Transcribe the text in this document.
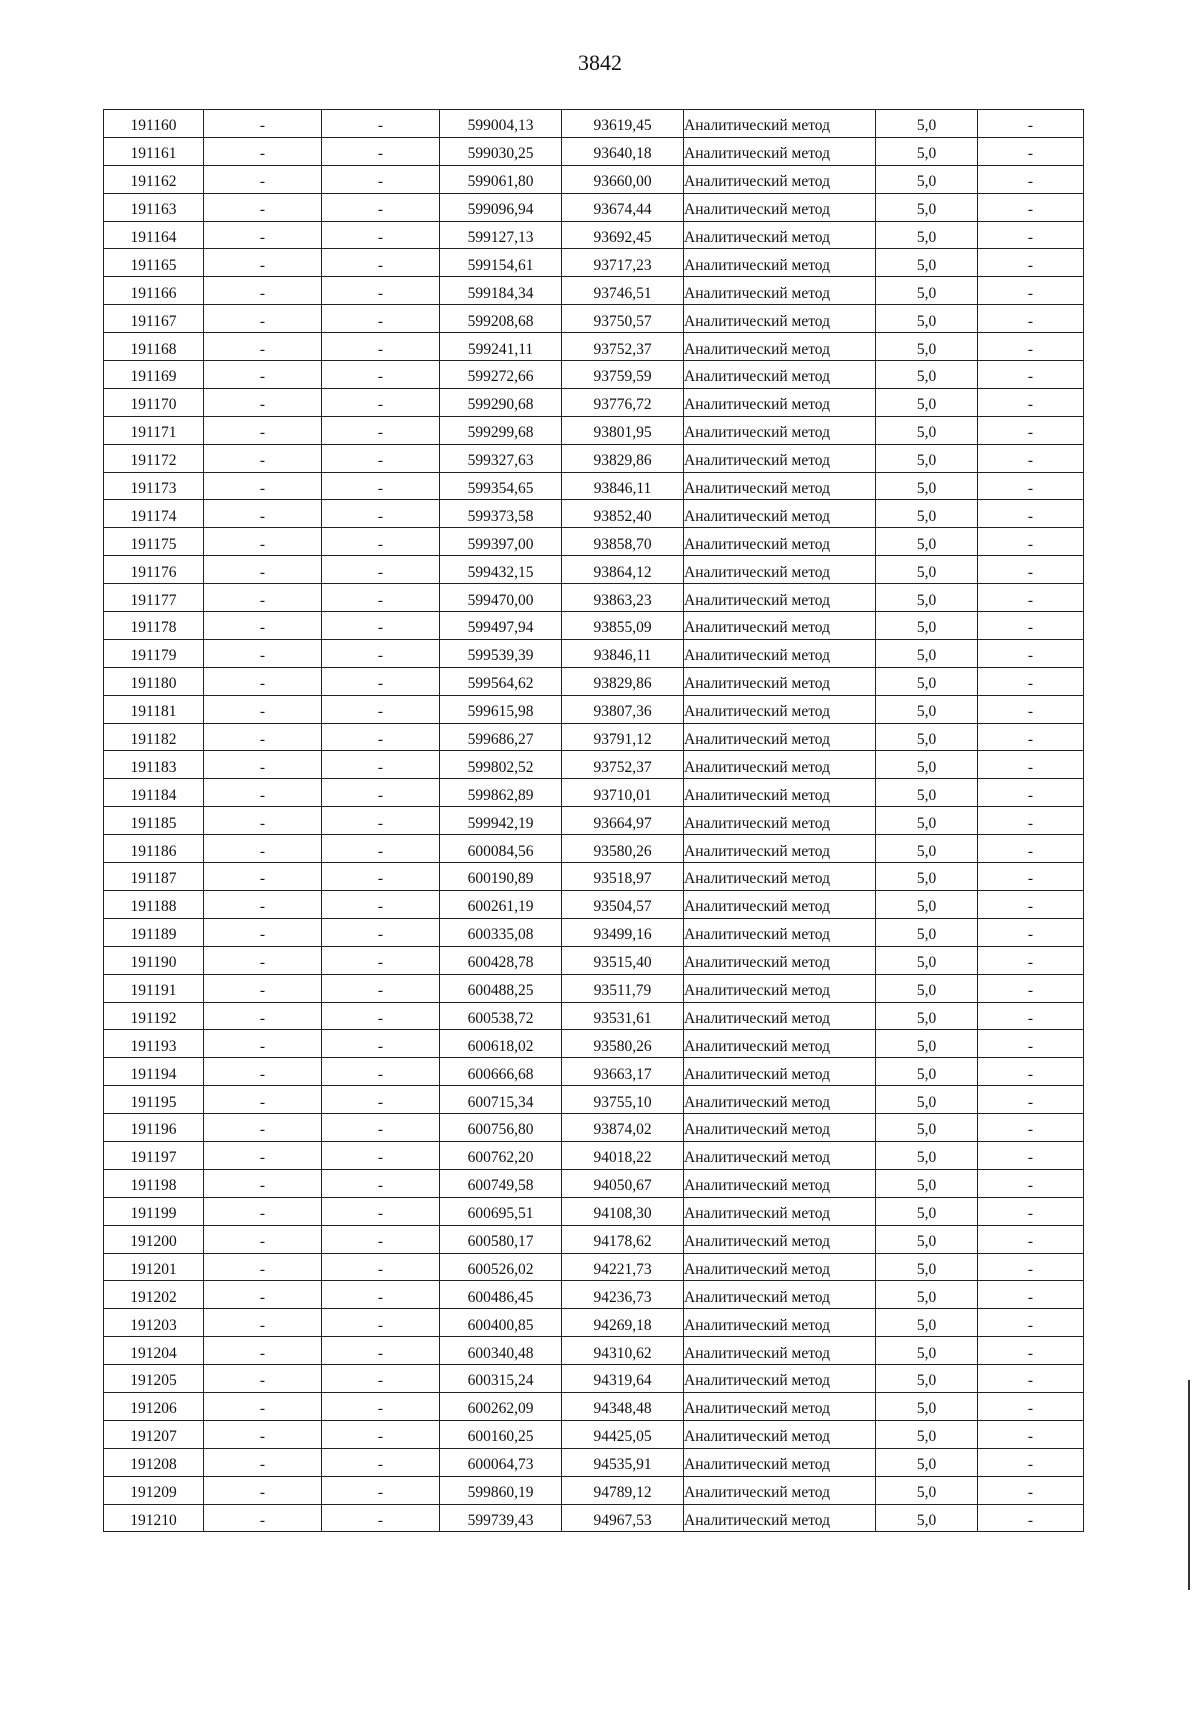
3842
191160	-	-	599004,13	93619,45	Аналитический метод	5,0	-
191161	-	-	599030,25	93640,18	Аналитический метод	5,0	-
191162	-	-	599061,80	93660,00	Аналитический метод	5,0	-
191163	-	-	599096,94	93674,44	Аналитический метод	5,0	-
191164	-	-	599127,13	93692,45	Аналитический метод	5,0	-
191165	-	-	599154,61	93717,23	Аналитический метод	5,0	-
191166	-	-	599184,34	93746,51	Аналитический метод	5,0	-
191167	-	-	599208,68	93750,57	Аналитический метод	5,0	-
191168	-	-	599241,11	93752,37	Аналитический метод	5,0	-
191169	-	-	599272,66	93759,59	Аналитический метод	5,0	-
191170	-	-	599290,68	93776,72	Аналитический метод	5,0	-
191171	-	-	599299,68	93801,95	Аналитический метод	5,0	-
191172	-	-	599327,63	93829,86	Аналитический метод	5,0	-
191173	-	-	599354,65	93846,11	Аналитический метод	5,0	-
191174	-	-	599373,58	93852,40	Аналитический метод	5,0	-
191175	-	-	599397,00	93858,70	Аналитический метод	5,0	-
191176	-	-	599432,15	93864,12	Аналитический метод	5,0	-
191177	-	-	599470,00	93863,23	Аналитический метод	5,0	-
191178	-	-	599497,94	93855,09	Аналитический метод	5,0	-
191179	-	-	599539,39	93846,11	Аналитический метод	5,0	-
191180	-	-	599564,62	93829,86	Аналитический метод	5,0	-
191181	-	-	599615,98	93807,36	Аналитический метод	5,0	-
191182	-	-	599686,27	93791,12	Аналитический метод	5,0	-
191183	-	-	599802,52	93752,37	Аналитический метод	5,0	-
191184	-	-	599862,89	93710,01	Аналитический метод	5,0	-
191185	-	-	599942,19	93664,97	Аналитический метод	5,0	-
191186	-	-	600084,56	93580,26	Аналитический метод	5,0	-
191187	-	-	600190,89	93518,97	Аналитический метод	5,0	-
191188	-	-	600261,19	93504,57	Аналитический метод	5,0	-
191189	-	-	600335,08	93499,16	Аналитический метод	5,0	-
191190	-	-	600428,78	93515,40	Аналитический метод	5,0	-
191191	-	-	600488,25	93511,79	Аналитический метод	5,0	-
191192	-	-	600538,72	93531,61	Аналитический метод	5,0	-
191193	-	-	600618,02	93580,26	Аналитический метод	5,0	-
191194	-	-	600666,68	93663,17	Аналитический метод	5,0	-
191195	-	-	600715,34	93755,10	Аналитический метод	5,0	-
191196	-	-	600756,80	93874,02	Аналитический метод	5,0	-
191197	-	-	600762,20	94018,22	Аналитический метод	5,0	-
191198	-	-	600749,58	94050,67	Аналитический метод	5,0	-
191199	-	-	600695,51	94108,30	Аналитический метод	5,0	-
191200	-	-	600580,17	94178,62	Аналитический метод	5,0	-
191201	-	-	600526,02	94221,73	Аналитический метод	5,0	-
191202	-	-	600486,45	94236,73	Аналитический метод	5,0	-
191203	-	-	600400,85	94269,18	Аналитический метод	5,0	-
191204	-	-	600340,48	94310,62	Аналитический метод	5,0	-
191205	-	-	600315,24	94319,64	Аналитический метод	5,0	-
191206	-	-	600262,09	94348,48	Аналитический метод	5,0	-
191207	-	-	600160,25	94425,05	Аналитический метод	5,0	-
191208	-	-	600064,73	94535,91	Аналитический метод	5,0	-
191209	-	-	599860,19	94789,12	Аналитический метод	5,0	-
191210	-	-	599739,43	94967,53	Аналитический метод	5,0	-
